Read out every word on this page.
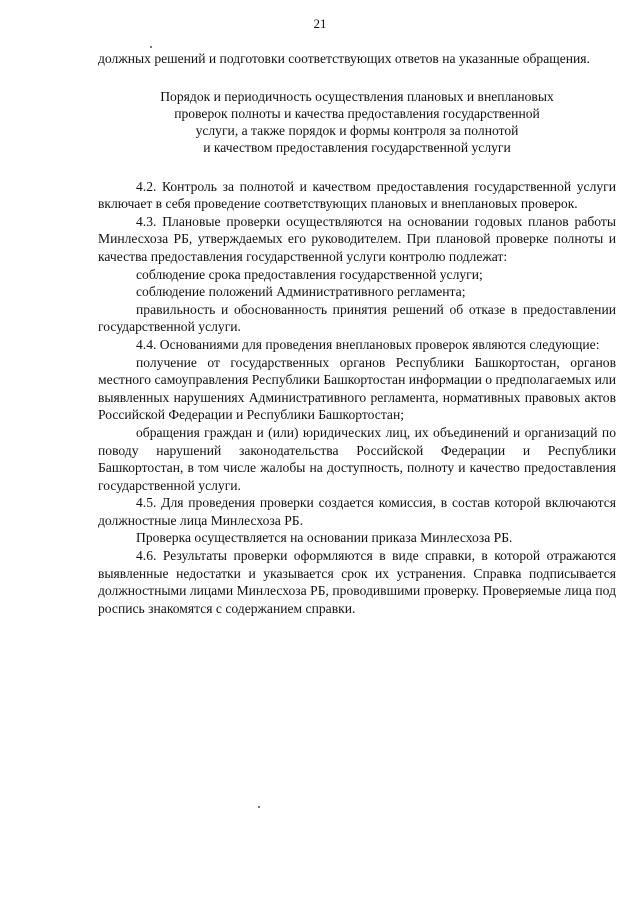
21

должных решений и подготовки соответствующих ответов на указанные обращения.

Порядок и периодичность осуществления плановых и внеплановых
проверок полноты и качества предоставления государственной
услуги, а также порядок и формы контроля за полнотой
и качеством предоставления государственной услуги

4.2. Контроль за полнотой и качеством предоставления государственной услуги включает в себя проведение соответствующих плановых и внеплановых проверок.

4.3. Плановые проверки осуществляются на основании годовых планов работы Минлесхоза РБ, утверждаемых его руководителем. При плановой проверке полноты и качества предоставления государственной услуги контролю подлежат:

соблюдение срока предоставления государственной услуги;

соблюдение положений Административного регламента;

правильность и обоснованность принятия решений об отказе в предоставлении государственной услуги.

4.4. Основаниями для проведения внеплановых проверок являются следующие:

получение от государственных органов Республики Башкортостан, органов местного самоуправления Республики Башкортостан информации о предполагаемых или выявленных нарушениях Административного регламента, нормативных правовых актов Российской Федерации и Республики Башкортостан;

обращения граждан и (или) юридических лиц, их объединений и организаций по поводу нарушений законодательства Российской Федерации и Республики Башкортостан, в том числе жалобы на доступность, полноту и качество предоставления государственной услуги.

4.5. Для проведения проверки создается комиссия, в состав которой включаются должностные лица Минлесхоза РБ.

Проверка осуществляется на основании приказа Минлесхоза РБ.

4.6. Результаты проверки оформляются в виде справки, в которой отражаются выявленные недостатки и указывается срок их устранения. Справка подписывается должностными лицами Минлесхоза РБ, проводившими проверку. Проверяемые лица под роспись знакомятся с содержанием справки.
